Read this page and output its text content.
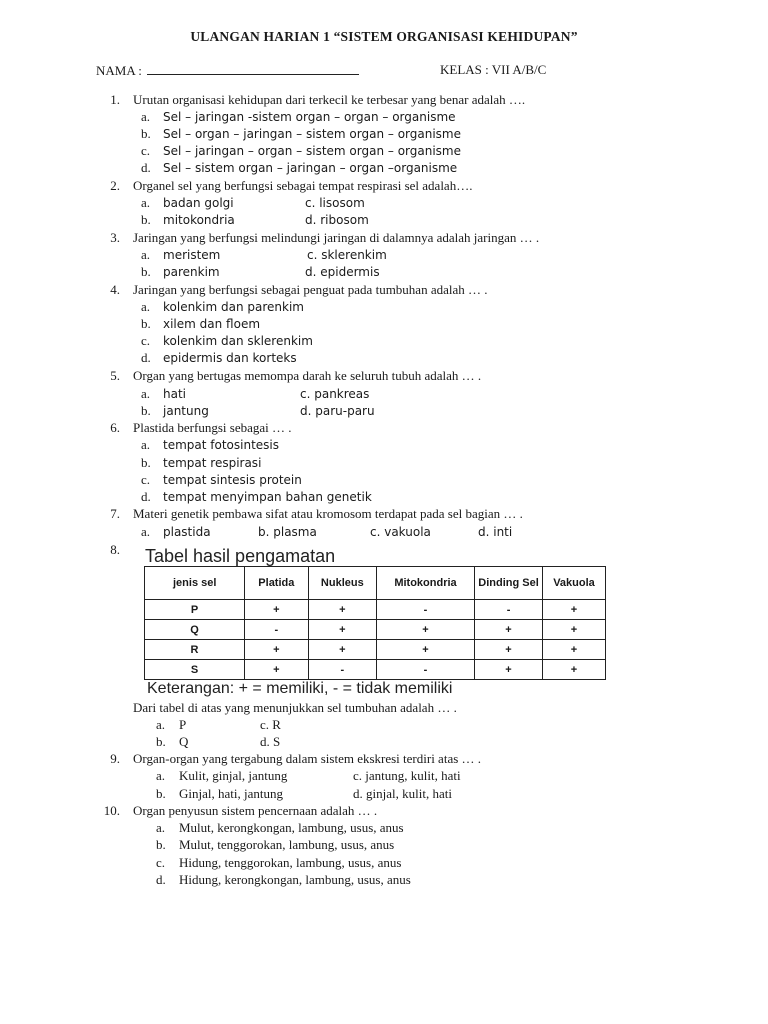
ULANGAN HARIAN 1 “SISTEM ORGANISASI KEHIDUPAN”
NAMA :	KELAS : VII A/B/C
1. Urutan organisasi kehidupan dari terkecil ke terbesar yang benar adalah ….
a. Sel – jaringan -sistem organ – organ – organisme
b. Sel – organ – jaringan – sistem organ – organisme
c. Sel – jaringan – organ – sistem organ – organisme
d. Sel – sistem organ – jaringan – organ –organisme
2. Organel sel yang berfungsi sebagai tempat respirasi sel adalah….
a. badan golgi	c. lisosom
b. mitokondria	d. ribosom
3. Jaringan yang berfungsi melindungi jaringan di dalamnya adalah jaringan … .
a. meristem	c. sklerenkim
b. parenkim	d. epidermis
4. Jaringan yang berfungsi sebagai penguat pada tumbuhan adalah … .
a. kolenkim dan parenkim
b. xilem dan floem
c. kolenkim dan sklerenkim
d. epidermis dan korteks
5. Organ yang bertugas memompa darah ke seluruh tubuh adalah … .
a. hati	c. pankreas
b. jantung	d. paru-paru
6. Plastida berfungsi sebagai … .
a. tempat fotosintesis
b. tempat respirasi
c. tempat sintesis protein
d. tempat menyimpan bahan genetik
7. Materi genetik pembawa sifat atau kromosom terdapat pada sel bagian … .
a. plastida	b. plasma	c. vakuola	d. inti
8. Tabel hasil pengamatan
jenis sel	Platida	Nukleus	Mitokondria	Dinding Sel	Vakuola
P	+	+	-	-	+
Q	-	+	+	+	+
R	+	+	+	+	+
S	+	-	-	+	+
Keterangan: + = memiliki, - = tidak memiliki
Dari tabel di atas yang menunjukkan sel tumbuhan adalah … .
a. P	c. R
b. Q	d. S
9. Organ-organ yang tergabung dalam sistem ekskresi terdiri atas … .
a. Kulit, ginjal, jantung	c. jantung, kulit, hati
b. Ginjal, hati, jantung	d. ginjal, kulit, hati
10. Organ penyusun sistem pencernaan adalah … .
a. Mulut, kerongkongan, lambung, usus, anus
b. Mulut, tenggorokan, lambung, usus, anus
c. Hidung, tenggorokan, lambung, usus, anus
d. Hidung, kerongkongan, lambung, usus, anus
